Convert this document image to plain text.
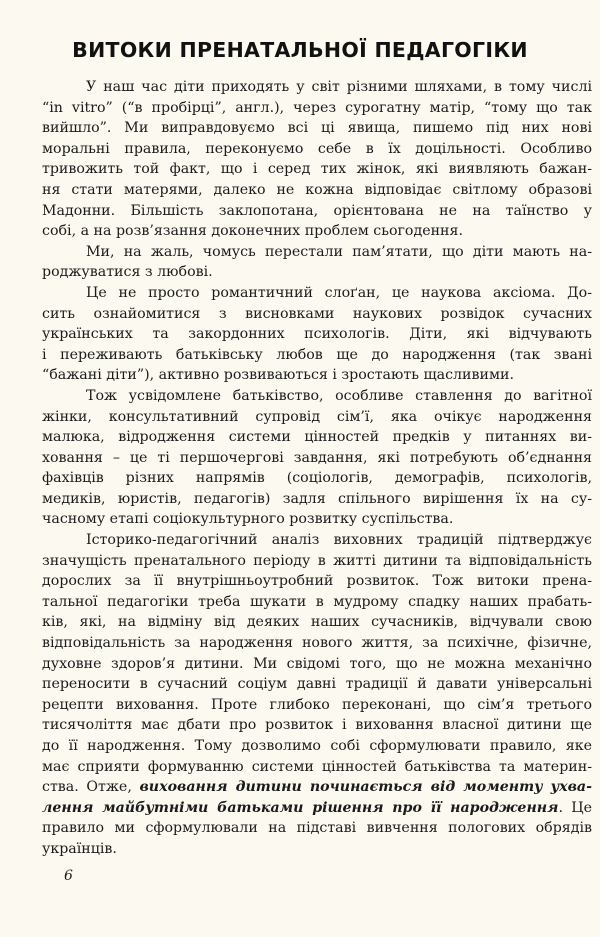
ВИТОКИ ПРЕНАТАЛЬНОЇ ПЕДАГОГІКИ

У наш час діти приходять у світ різними шляхами, в тому числі
“in vitro” (“в пробірці”, англ.), через сурогатну матір, “тому що так
вийшло”. Ми виправдовуємо всі ці явища, пишемо під них нові
моральні правила, переконуємо себе в їх доцільності. Особливо
тривожить той факт, що і серед тих жінок, які виявляють бажан-
ня стати матерями, далеко не кожна відповідає світлому образові
Мадонни. Більшість заклопотана, орієнтована не на таїнство у
собі, а на розв’язання доконечних проблем сьогодення.

Ми, на жаль, чомусь перестали пам’ятати, що діти мають на-
роджуватися з любові.

Це не просто романтичний слоґан, це наукова аксіома. До-
сить ознайомитися з висновками наукових розвідок сучасних
українських та закордонних психологів. Діти, які відчувають
і переживають батьківську любов ще до народження (так звані
“бажані діти”), активно розвиваються і зростають щасливими.

Тож усвідомлене батьківство, особливе ставлення до вагітної
жінки, консультативний супровід сім’ї, яка очікує народження
малюка, відродження системи цінностей предків у питаннях ви-
ховання – це ті першочергові завдання, які потребують об’єднання
фахівців різних напрямів (соціологів, демографів, психологів,
медиків, юристів, педагогів) задля спільного вирішення їх на су-
часному етапі соціокультурного розвитку суспільства.

Історико-педагогічний аналіз виховних традицій підтверджує
значущість пренатального періоду в житті дитини та відповідальність
дорослих за її внутрішньоутробний розвиток. Тож витоки прена-
тальної педагогіки треба шукати в мудрому спадку наших прабать-
ків, які, на відміну від деяких наших сучасників, відчували свою
відповідальність за народження нового життя, за психічне, фізичне,
духовне здоров’я дитини. Ми свідомі того, що не можна механічно
переносити в сучасний соціум давні традиції й давати універсальні
рецепти виховання. Проте глибоко переконані, що сім’я третього
тисячоліття має дбати про розвиток і виховання власної дитини ще
до її народження. Тому дозволимо собі сформулювати правило, яке
має сприяти формуванню системи цінностей батьківства та материн-
ства. Отже, виховання дитини починається від моменту ухва-
лення майбутніми батьками рішення про її народження. Це
правило ми сформулювали на підставі вивчення пологових обрядів
українців.

6
